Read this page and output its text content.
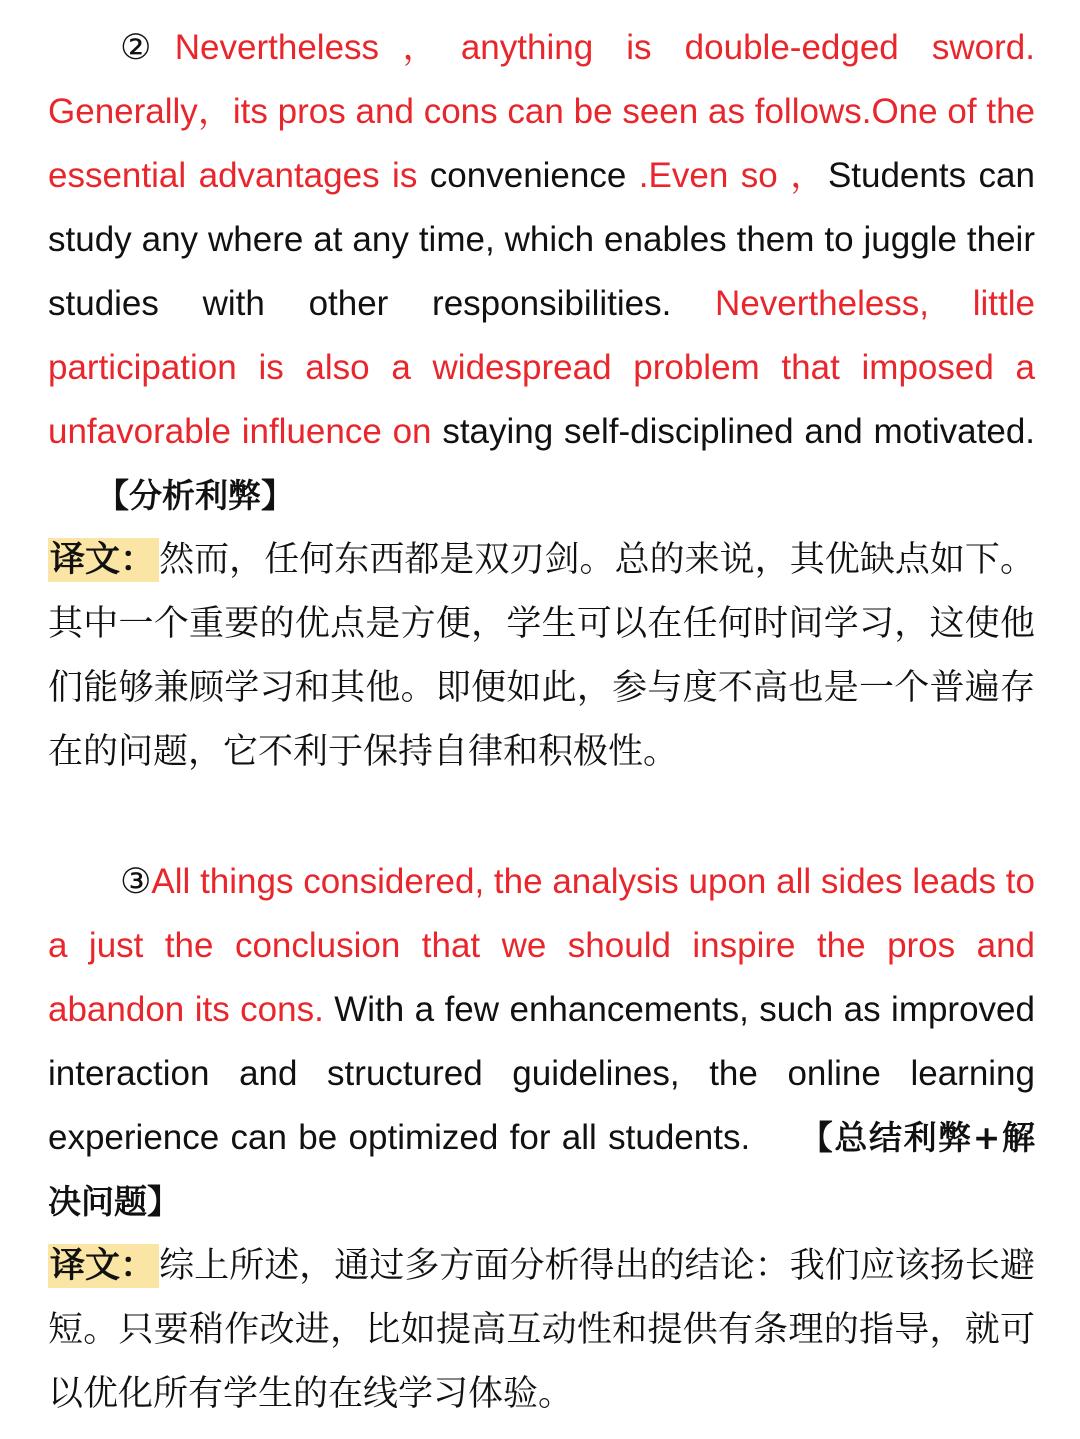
②Nevertheless，anything is double-edged sword. Generally，its pros and cons can be seen as follows.One of the essential advantages is convenience .Even so ，Students can study any where at any time, which enables them to juggle their studies with other responsibilities. Nevertheless, little participation is also a widespread problem that imposed a unfavorable influence on staying self-disciplined and motivated.【分析利弊】

译文： 然而，任何东西都是双刃剑。总的来说，其优缺点如下。其中一个重要的优点是方便，学生可以在任何时间学习，这使他们能够兼顾学习和其他。即便如此，参与度不高也是一个普遍存在的问题，它不利于保持自律和积极性。

③All things considered, the analysis upon all sides leads to a just the conclusion that we should inspire the pros and abandon its cons. With a few enhancements, such as improved interaction and structured guidelines, the online learning experience can be optimized for all students. 【总结利弊+解决问题】

译文： 综上所述，通过多方面分析得出的结论：我们应该扬长避短。只要稍作改进，比如提高互动性和提供有条理的指导，就可以优化所有学生的在线学习体验。
